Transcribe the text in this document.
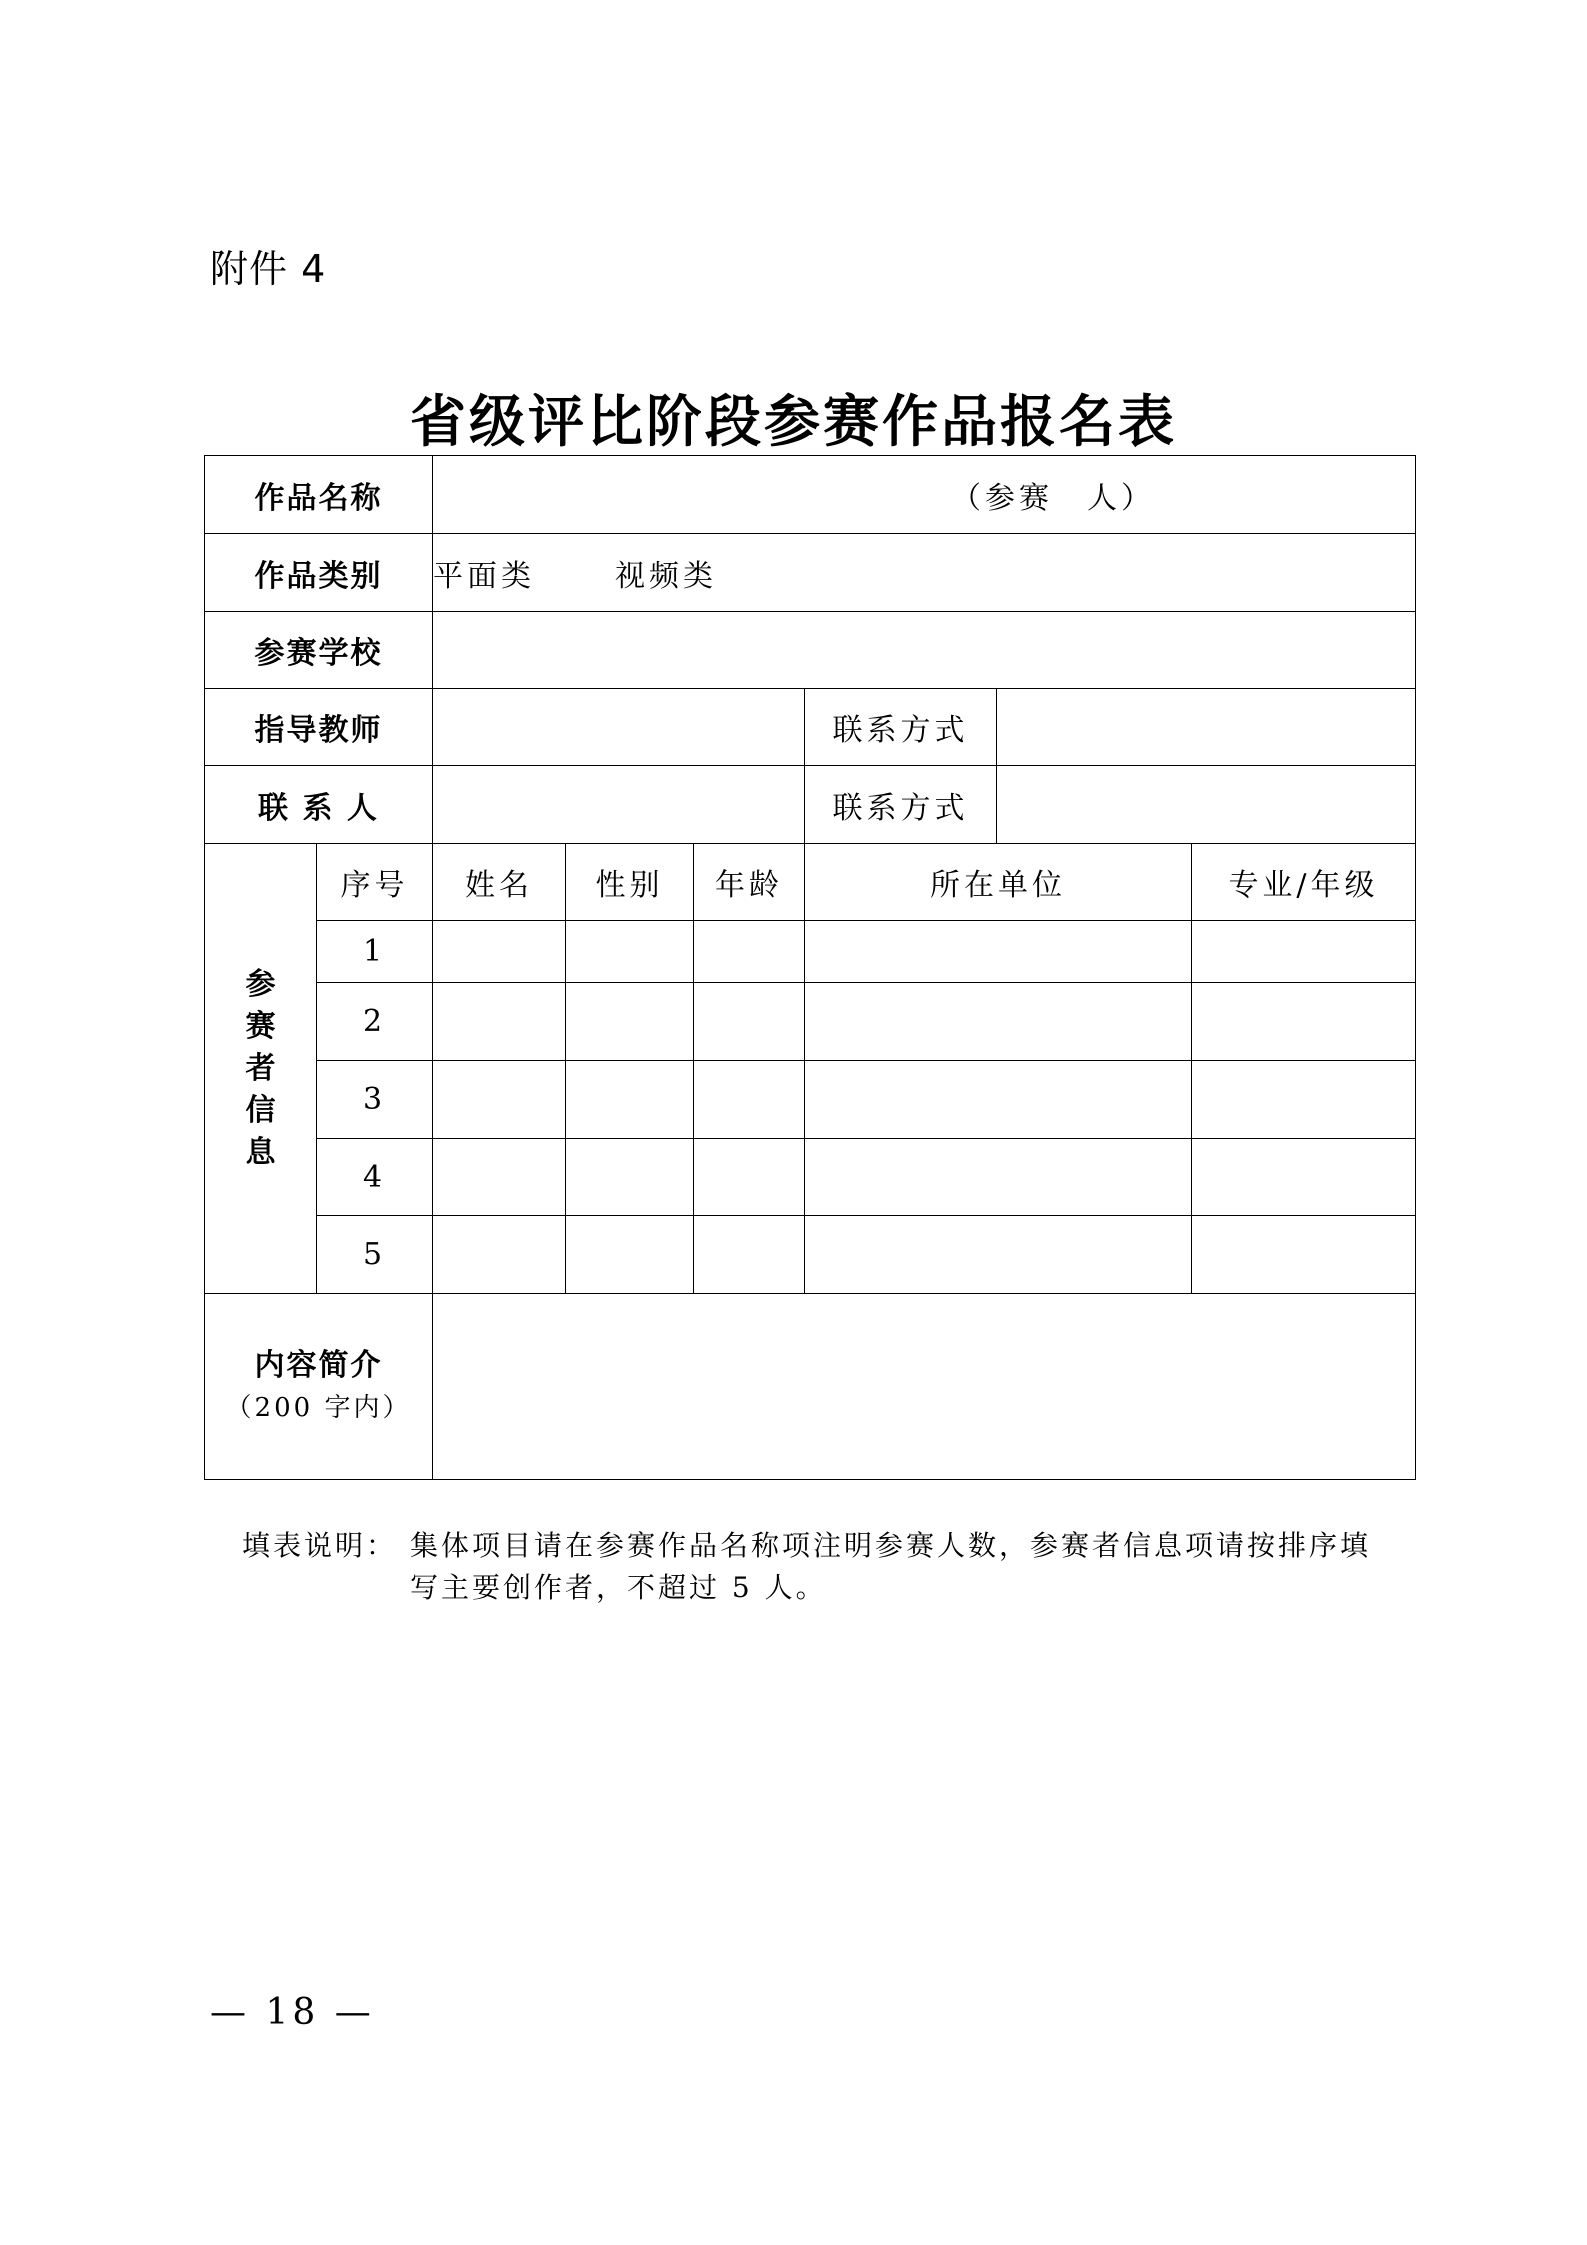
附件 4
省级评比阶段参赛作品报名表
作品名称		（参赛　人）					

作品类别		平面类 视频类					
参赛学校							
指导教师					联系方式		
联 系 人					联系方式		

参
赛
者
信
息	序号	姓名	性别	年龄	所在单位		专业/年级
	1						
	2						
	3						
	4						
	5						
内容简介
（200 字内）							

填表说明： 集体项目请在参赛作品名称项注明参赛人数，参赛者信息项请按排序填写主要创作者，不超过 5 人。
— 18 —
